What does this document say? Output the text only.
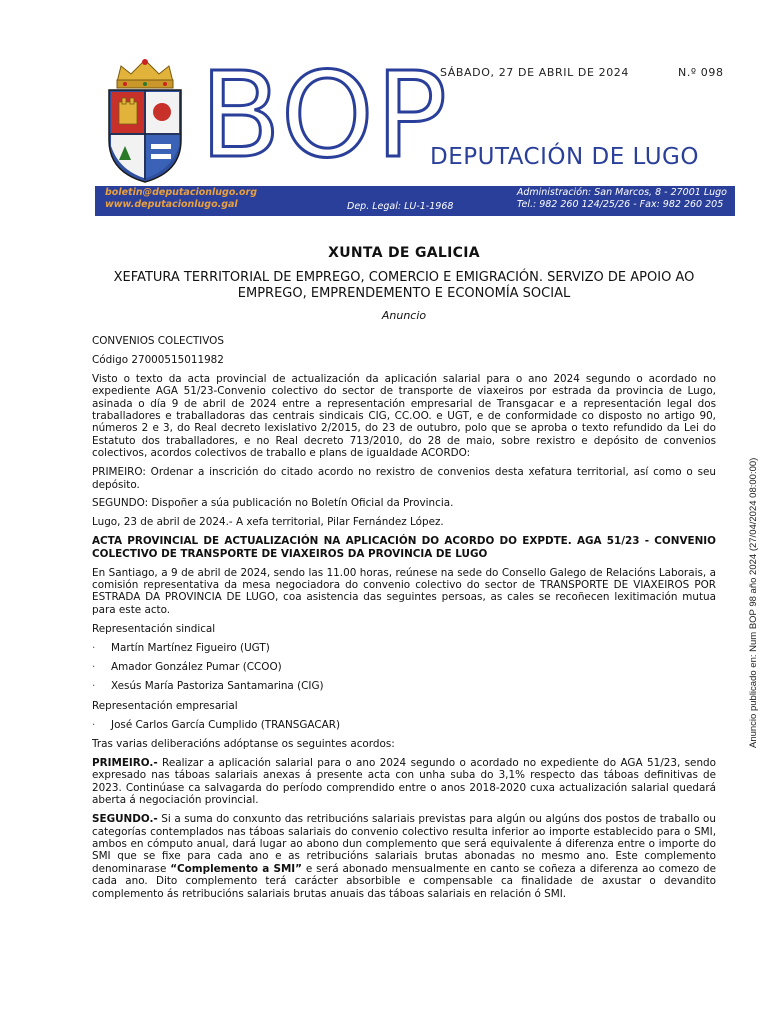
BOP
SÁBADO, 27 DE ABRIL DE 2024	N.º 098
DEPUTACIÓN DE LUGO
boletin@deputacionlugo.org
www.deputacionlugo.gal	Dep. Legal: LU-1-1968
Administración: San Marcos, 8 - 27001 Lugo
Tel.: 982 260 124/25/26 - Fax: 982 260 205
XUNTA DE GALICIA
XEFATURA TERRITORIAL DE EMPREGO, COMERCIO E EMIGRACIÓN. SERVIZO DE APOIO AO EMPREGO, EMPRENDEMENTO E ECONOMÍA SOCIAL
Anuncio

CONVENIOS COLECTIVOS

Código 27000515011982

Visto o texto da acta provincial de actualización da aplicación salarial para o ano 2024 segundo o acordado no expediente AGA 51/23-Convenio colectivo do sector de transporte de viaxeiros por estrada da provincia de Lugo, asinada o día 9 de abril de 2024 entre a representación empresarial de Transgacar e a representación legal dos traballadores e traballadoras das centrais sindicais CIG, CC.OO. e UGT, e de conformidade co disposto no artigo 90, números 2 e 3, do Real decreto lexislativo 2/2015, do 23 de outubro, polo que se aproba o texto refundido da Lei do Estatuto dos traballadores, e no Real decreto 713/2010, do 28 de maio, sobre rexistro e depósito de convenios colectivos, acordos colectivos de traballo e plans de igualdade ACORDO:

PRIMEIRO: Ordenar a inscrición do citado acordo no rexistro de convenios desta xefatura territorial, así como o seu depósito.

SEGUNDO: Dispoñer a súa publicación no Boletín Oficial da Provincia.

Lugo, 23 de abril de 2024.- A xefa territorial, Pilar Fernández López.

ACTA PROVINCIAL DE ACTUALIZACIÓN NA APLICACIÓN DO ACORDO DO EXPDTE. AGA 51/23 - CONVENIO COLECTIVO DE TRANSPORTE DE VIAXEIROS DA PROVINCIA DE LUGO

En Santiago, a 9 de abril de 2024, sendo las 11.00 horas, reúnese na sede do Consello Galego de Relacións Laborais, a comisión representativa da mesa negociadora do convenio colectivo do sector de TRANSPORTE DE VIAXEIROS POR ESTRADA DA PROVINCIA DE LUGO, coa asistencia das seguintes persoas, as cales se recoñecen lexitimación mutua para este acto.

Representación sindical

·	Martín Martínez Figueiro (UGT)
·	Amador González Pumar (CCOO)
·	Xesús María Pastoriza Santamarina (CIG)

Representación empresarial

·	José Carlos García Cumplido (TRANSGACAR)

Tras varias deliberacións adóptanse os seguintes acordos:

PRIMEIRO.- Realizar a aplicación salarial para o ano 2024 segundo o acordado no expediente do AGA 51/23, sendo expresado nas táboas salariais anexas á presente acta con unha suba do 3,1% respecto das táboas definitivas de 2023. Continúase ca salvagarda do período comprendido entre o anos 2018-2020 cuxa actualización salarial quedará aberta á negociación provincial.

SEGUNDO.- Si a suma do conxunto das retribucións salariais previstas para algún ou algúns dos postos de traballo ou categorías contemplados nas táboas salariais do convenio colectivo resulta inferior ao importe establecido para o SMI, ambos en cómputo anual, dará lugar ao abono dun complemento que será equivalente á diferenza entre o importe do SMI que se fixe para cada ano e as retribucións salariais brutas abonadas no mesmo ano. Este complemento denominarase “Complemento a SMI” e será abonado mensualmente en canto se coñeza a diferenza ao comezo de cada ano. Dito complemento terá carácter absorbible e compensable ca finalidade de axustar o devandito complemento ás retribucións salariais brutas anuais das táboas salariais en relación ó SMI.

Anuncio publicado en: Num BOP 98 año 2024 (27/04/2024 08:00:00)
